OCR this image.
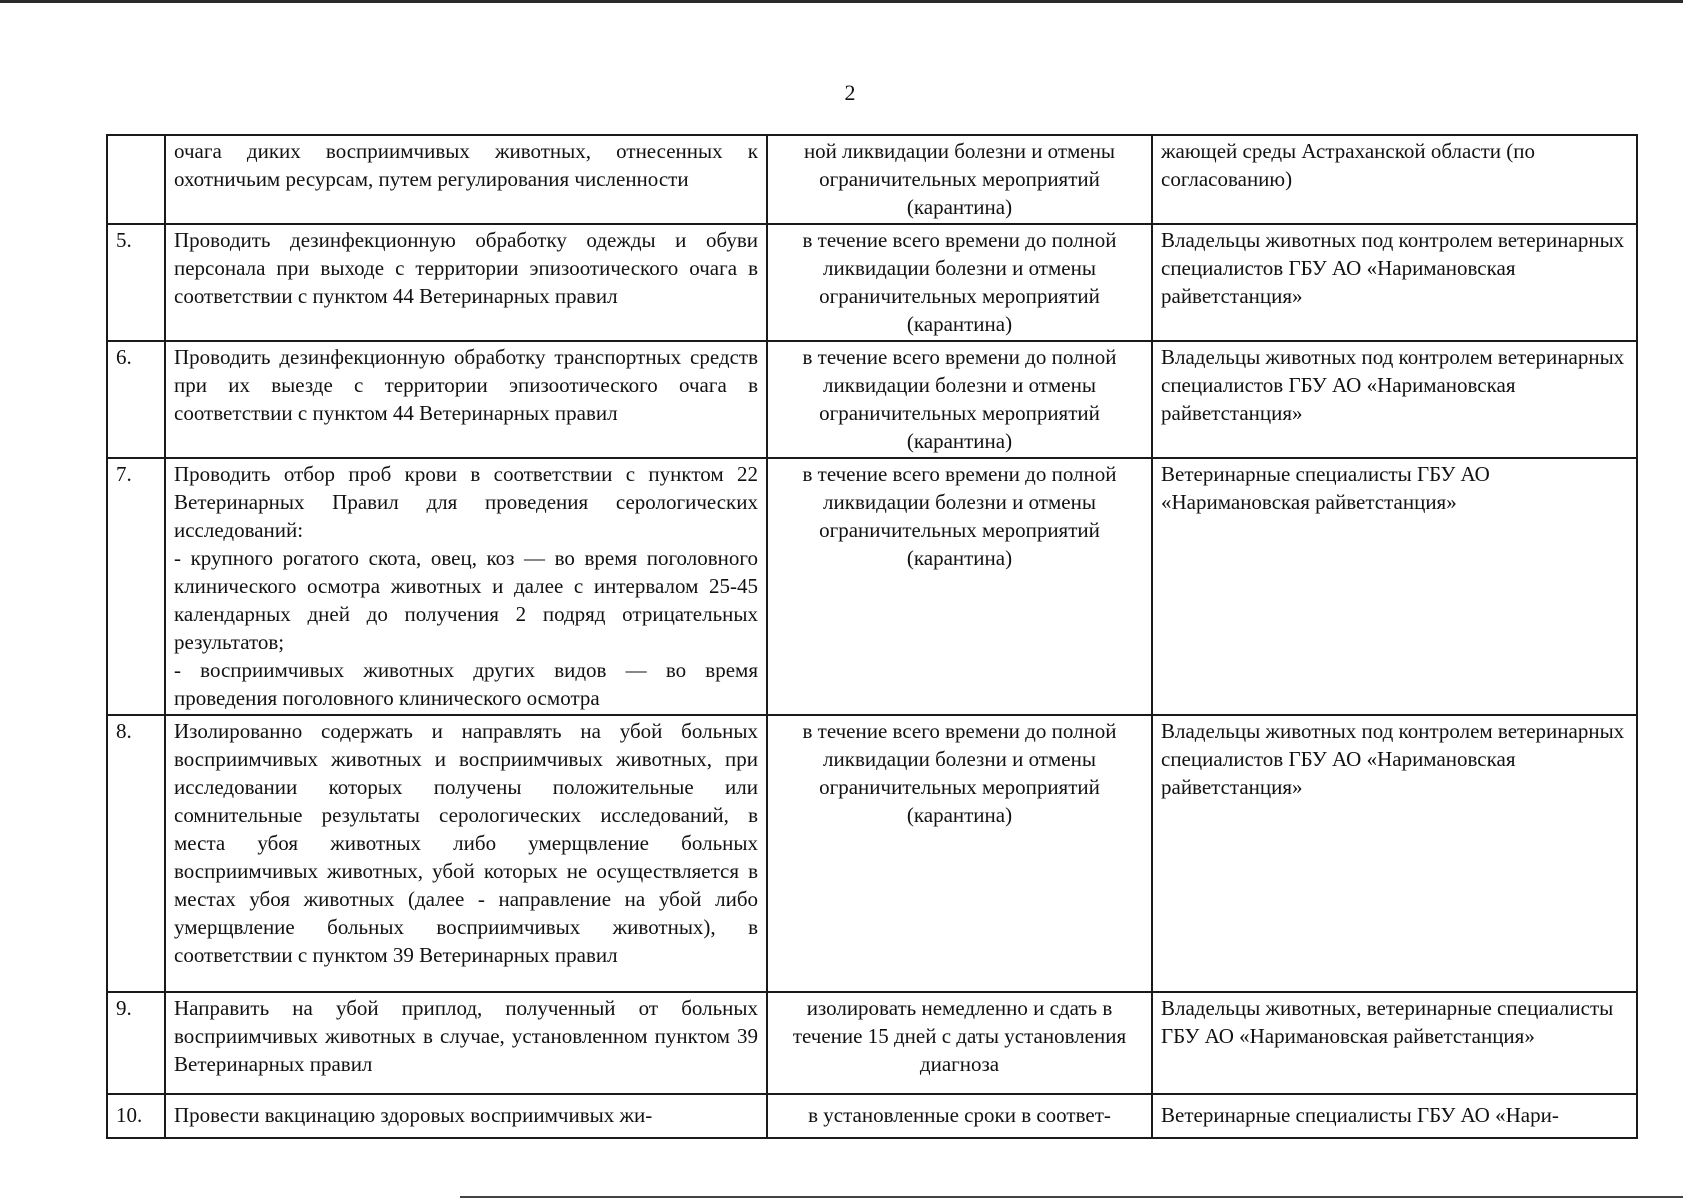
2
	очага диких восприимчивых животных, отнесенных к охотничьим ресурсам, путем регулирования численности	ной ликвидации болезни и отмены ограничительных мероприятий (карантина)	жающей среды Астраханской области (по согласованию)
5.	Проводить дезинфекционную обработку одежды и обуви персонала при выходе с территории эпизоотического очага в соответствии с пунктом 44 Ветеринарных правил	в течение всего времени до полной ликвидации болезни и отмены ограничительных мероприятий (карантина)	Владельцы животных под контролем ветеринарных специалистов ГБУ АО «Наримановская райветстанция»
6.	Проводить дезинфекционную обработку транспортных средств при их выезде с территории эпизоотического очага в соответствии с пунктом 44 Ветеринарных правил	в течение всего времени до полной ликвидации болезни и отмены ограничительных мероприятий (карантина)	Владельцы животных под контролем ветеринарных специалистов ГБУ АО «Наримановская райветстанция»
7.	Проводить отбор проб крови в соответствии с пунктом 22 Ветеринарных Правил для проведения серологических исследований:
- крупного рогатого скота, овец, коз — во время поголовного клинического осмотра животных и далее с интервалом 25-45 календарных дней до получения 2 подряд отрицательных результатов;
- восприимчивых животных других видов — во время проведения поголовного клинического осмотра	в течение всего времени до полной ликвидации болезни и отмены ограничительных мероприятий (карантина)	Ветеринарные специалисты ГБУ АО «Наримановская райветстанция»
8.	Изолированно содержать и направлять на убой больных восприимчивых животных и восприимчивых животных, при исследовании которых получены положительные или сомнительные результаты серологических исследований, в места убоя животных либо умерщвление больных восприимчивых животных, убой которых не осуществляется в местах убоя животных (далее - направление на убой либо умерщвление больных восприимчивых животных), в соответствии с пунктом 39 Ветеринарных правил	в течение всего времени до полной ликвидации болезни и отмены ограничительных мероприятий (карантина)	Владельцы животных под контролем ветеринарных специалистов ГБУ АО «Наримановская райветстанция»
9.	Направить на убой приплод, полученный от больных восприимчивых животных в случае, установленном пунктом 39 Ветеринарных правил	изолировать немедленно и сдать в течение 15 дней с даты установления диагноза	Владельцы животных, ветеринарные специалисты ГБУ АО «Наримановская райветстанция»
10.	Провести вакцинацию здоровых восприимчивых жи-	в установленные сроки в соответ-	Ветеринарные специалисты ГБУ АО «Нари-
